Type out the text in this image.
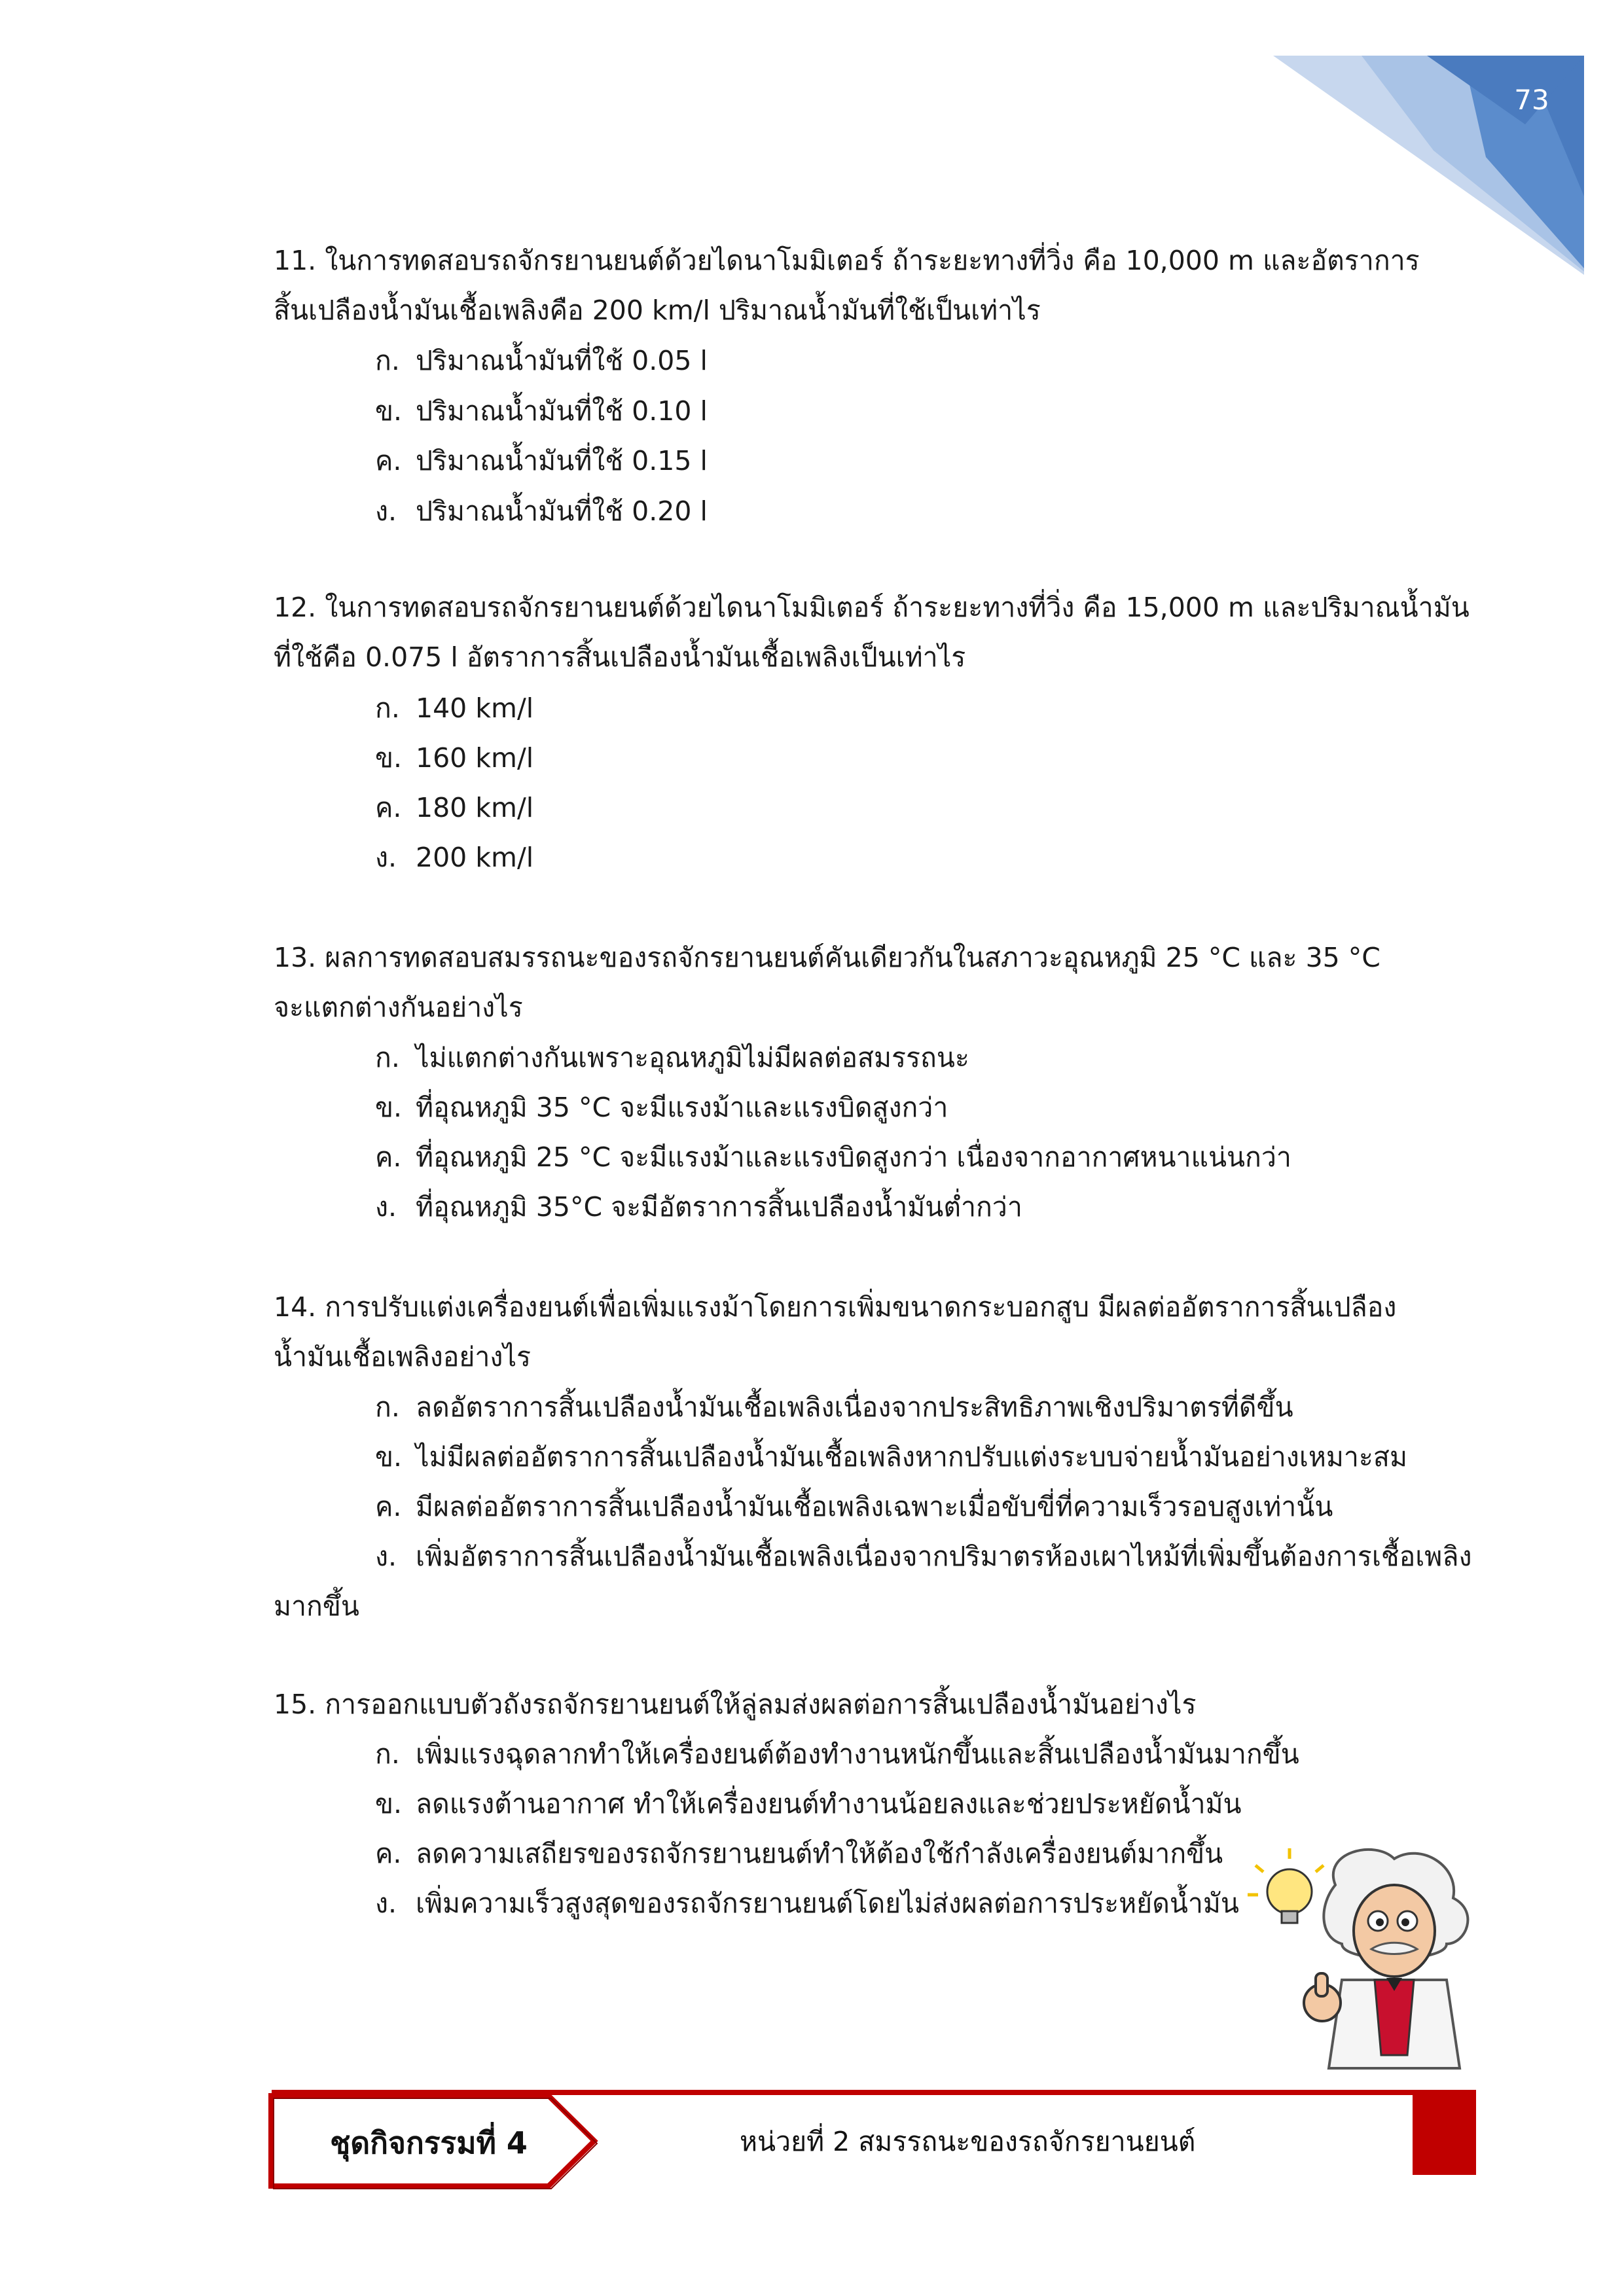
73
11. ในการทดสอบรถจักรยานยนต์ด้วยไดนาโมมิเตอร์ ถ้าระยะทางที่วิ่ง คือ 10,000 m และอัตราการ
สิ้นเปลืองน้ำมันเชื้อเพลิงคือ 200 km/l ปริมาณน้ำมันที่ใช้เป็นเท่าไร
ก. ปริมาณน้ำมันที่ใช้ 0.05 l
ข. ปริมาณน้ำมันที่ใช้ 0.10 l
ค. ปริมาณน้ำมันที่ใช้ 0.15 l
ง. ปริมาณน้ำมันที่ใช้ 0.20 l
12. ในการทดสอบรถจักรยานยนต์ด้วยไดนาโมมิเตอร์ ถ้าระยะทางที่วิ่ง คือ 15,000 m และปริมาณน้ำมัน
ที่ใช้คือ 0.075 l อัตราการสิ้นเปลืองน้ำมันเชื้อเพลิงเป็นเท่าไร
ก. 140 km/l
ข. 160 km/l
ค. 180 km/l
ง. 200 km/l
13. ผลการทดสอบสมรรถนะของรถจักรยานยนต์คันเดียวกันในสภาวะอุณหภูมิ 25 °C และ 35 °C
จะแตกต่างกันอย่างไร
ก. ไม่แตกต่างกันเพราะอุณหภูมิไม่มีผลต่อสมรรถนะ
ข. ที่อุณหภูมิ 35 °C จะมีแรงม้าและแรงบิดสูงกว่า
ค. ที่อุณหภูมิ 25 °C จะมีแรงม้าและแรงบิดสูงกว่า เนื่องจากอากาศหนาแน่นกว่า
ง. ที่อุณหภูมิ 35°C จะมีอัตราการสิ้นเปลืองน้ำมันต่ำกว่า
14. การปรับแต่งเครื่องยนต์เพื่อเพิ่มแรงม้าโดยการเพิ่มขนาดกระบอกสูบ มีผลต่ออัตราการสิ้นเปลือง
น้ำมันเชื้อเพลิงอย่างไร
ก. ลดอัตราการสิ้นเปลืองน้ำมันเชื้อเพลิงเนื่องจากประสิทธิภาพเชิงปริมาตรที่ดีขึ้น
ข. ไม่มีผลต่ออัตราการสิ้นเปลืองน้ำมันเชื้อเพลิงหากปรับแต่งระบบจ่ายน้ำมันอย่างเหมาะสม
ค. มีผลต่ออัตราการสิ้นเปลืองน้ำมันเชื้อเพลิงเฉพาะเมื่อขับขี่ที่ความเร็วรอบสูงเท่านั้น
ง. เพิ่มอัตราการสิ้นเปลืองน้ำมันเชื้อเพลิงเนื่องจากปริมาตรห้องเผาไหม้ที่เพิ่มขึ้นต้องการเชื้อเพลิง
มากขึ้น
15. การออกแบบตัวถังรถจักรยานยนต์ให้ลู่ลมส่งผลต่อการสิ้นเปลืองน้ำมันอย่างไร
ก. เพิ่มแรงฉุดลากทำให้เครื่องยนต์ต้องทำงานหนักขึ้นและสิ้นเปลืองน้ำมันมากขึ้น
ข. ลดแรงต้านอากาศ ทำให้เครื่องยนต์ทำงานน้อยลงและช่วยประหยัดน้ำมัน
ค. ลดความเสถียรของรถจักรยานยนต์ทำให้ต้องใช้กำลังเครื่องยนต์มากขึ้น
ง. เพิ่มความเร็วสูงสุดของรถจักรยานยนต์โดยไม่ส่งผลต่อการประหยัดน้ำมัน
ชุดกิจกรรมที่ 4	หน่วยที่ 2 สมรรถนะของรถจักรยานยนต์
